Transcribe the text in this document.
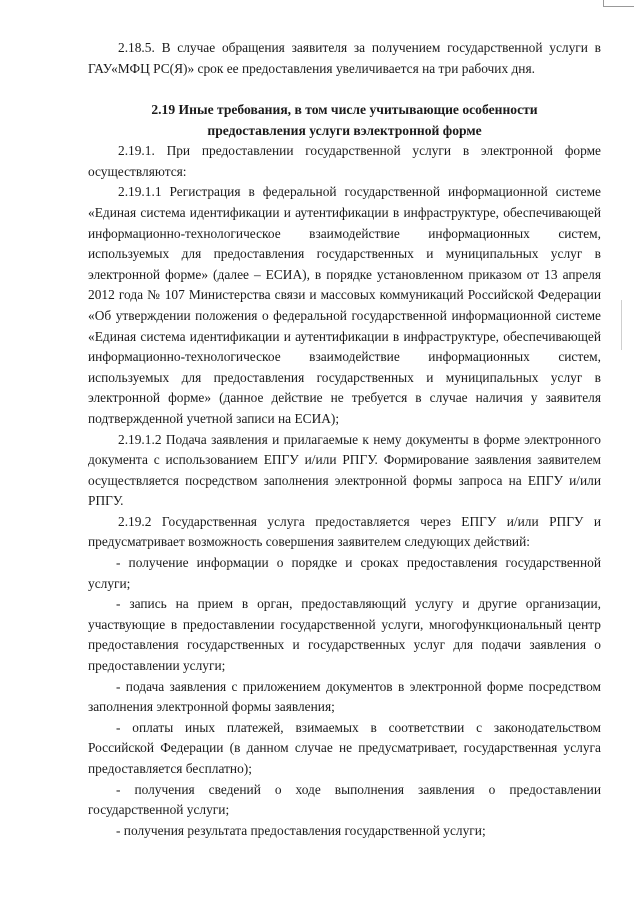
2.18.5. В случае обращения заявителя за получением государственной услуги в ГАУ«МФЦ РС(Я)» срок ее предоставления увеличивается на три рабочих дня.

2.19 Иные требования, в том числе учитывающие особенности
предоставления услуги вэлектронной форме

2.19.1. При предоставлении государственной услуги в электронной форме осуществляются:

2.19.1.1 Регистрация в федеральной государственной информационной системе «Единая система идентификации и аутентификации в инфраструктуре, обеспечивающей информационно-технологическое взаимодействие информационных систем, используемых для предоставления государственных и муниципальных услуг в электронной форме» (далее – ЕСИА), в порядке установленном приказом от 13 апреля 2012 года № 107 Министерства связи и массовых коммуникаций Российской Федерации «Об утверждении положения о федеральной государственной информационной системе «Единая система идентификации и аутентификации в инфраструктуре, обеспечивающей информационно-технологическое взаимодействие информационных систем, используемых для предоставления государственных и муниципальных услуг в электронной форме» (данное действие не требуется в случае наличия у заявителя подтвержденной учетной записи на ЕСИА);

2.19.1.2 Подача заявления и прилагаемые к нему документы в форме электронного документа с использованием ЕПГУ и/или РПГУ. Формирование заявления заявителем осуществляется посредством заполнения электронной формы запроса на ЕПГУ и/или РПГУ.

2.19.2 Государственная услуга предоставляется через ЕПГУ и/или РПГУ и предусматривает возможность совершения заявителем следующих действий:

- получение информации о порядке и сроках предоставления государственной услуги;

- запись на прием в орган, предоставляющий услугу и другие организации, участвующие в предоставлении государственной услуги, многофункциональный центр предоставления государственных и государственных услуг для подачи заявления о предоставлении услуги;

- подача заявления с приложением документов в электронной форме посредством заполнения электронной формы заявления;

- оплаты иных платежей, взимаемых в соответствии с законодательством Российской Федерации (в данном случае не предусматривает, государственная услуга предоставляется бесплатно);

- получения сведений о ходе выполнения заявления о предоставлении государственной услуги;

- получения результата предоставления государственной услуги;
